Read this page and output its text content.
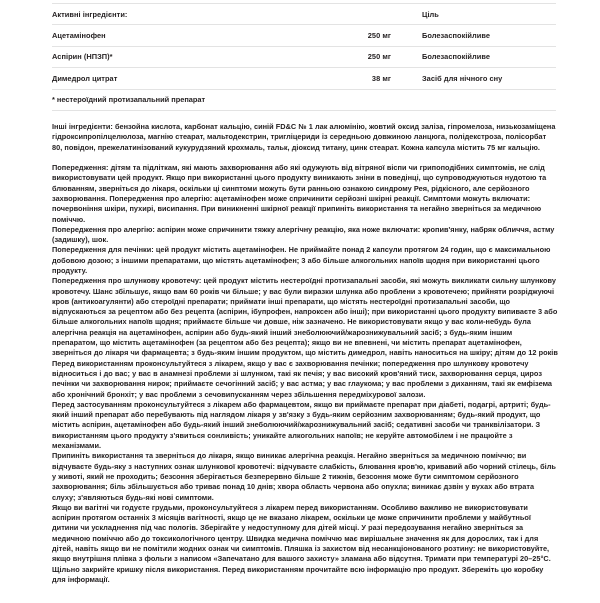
Активні інгредієнти:		Ціль

Ацетамінофен	250 мг	Болезаспокійливе

Аспірин (НПЗП)*	250 мг	Болезаспокійливе

Димедрол цитрат	38 мг	Засіб для нічного сну

* нестероїдний протизапальний препарат		

Інші інгредієнти: бензойна кислота, карбонат кальцію, синій FD&C № 1 лак алюмінію, жовтий оксид заліза, гіпромелоза, низькозаміщена гідроксипропілцелюлоза, магнію стеарат, мальтодекстрин, тригліцериди із середньою довжиною ланцюга, полідекстроза, полісорбат 80, повідон, прежелатинізований кукурудзяний крохмаль, тальк, діоксид титану, цинк стеарат. Кожна капсула містить 75 мг кальцію.

Попередження: дітям та підліткам, які мають захворювання або які одужують від вітряної віспи чи грипоподібних симптомів, не слід використовувати цей продукт. Якщо при використанні цього продукту виникають зніни в поведінці, що супроводжуються нудотою та блюванням, зверніться до лікаря, оскільки ці синптоми можуть бути ранньою ознакою синдрому Рея, рідкісного, але серйозного захворювання. Попередження про алергію: ацетамінофен може спричинити серйозні шкірні реакції. Симптоми можуть включати: почервоніння шкіри, пухирі, висипання. При виникненні шкірної реакції припиніть використання та негайно зверніться за медичною поміччю.

Попередження про алергію: аспірин може спричинити тяжку алергічну реакцію, яка ноже включати: кропив'янку, набряк обличчя, астму (задишку), шок.

Попередження для печінки: цей продукт містить ацетамінофен. Не приймайте понад 2 капсули протягом 24 годин, що є максимальною добовою дозою; з іншими препаратами, що містять ацетамінофен; 3 або більше алкогольних напоїв щодня при використанні цього продукту.

Попередження про шлункову кровотечу: цей продукт містить нестероїдні протизапальні засоби, які можуть викликати сильну шлункову кровотечу. Шанс збільшує, якщо вам 60 років чи більше; у вас були виразки шлунка або проблени з кровотечею; прийняти розріджуючі кров (антикоагулянти) або стероїдні препарати; приймати інші препарати, що містять нестероїдні протизапальні засоби, що відпускаються за рецептом або без рецепта (аспірин, ібупрофен, напроксен або інші); при використанні цього продукту випиваєте 3 або більше алкогольних напоїв щодня; приймаєте більше чи довше, ніж зазначено. Не використовувати якщо у вас коли-небудь була алергічна реакція на ацетамінофен, аспірин або будь-який інший знеболюючий/жарознижувальний засіб; з будь-яким іншим препаратом, що містить ацетамінофен (за рецептом або без рецепта); якщо ви не впевнені, чи містить препарат ацетамінофен, зверніться до лікаря чи фармацевта; з будь-яким іншим продуктом, що містить димедрол, навіть наноситься на шкіру; дітям до 12 років

Перед використанням проконсультуйтеся з лікарем, якщо у вас є захворювання печінки; попередження про шлункову кровотечу відноситься і до вас; у вас в анамнезі проблеми зі шлунком, такі як печія; у вас високий кров'яний тиск, захворювання серця, цироз печінки чи захворювання нирок; приймаєте сечогінний засіб; у вас астма; у вас глаукома; у вас проблеми з диханням, такі як емфізема або хронічний бронхіт; у вас проблеми з сечовипусканням через збільшення передміхурової залози.

Перед застосуванням проконсультуйтеся з лікарем або фармацевтом, якщо ви приймаєте препарат при діабеті, подагрі, артриті; будь-який інший препарат або перебувають під наглядом лікаря у зв'язку з будь-яким серйозним захворюванням; будь-який продукт, що містить аспірин, ацетамінофен або будь-який інший знеболюючий/жарознижувальний засіб; седативні засоби чи транквілізатори. З використанням цього продукту з'явиться сонливість; уникайте алкогольних напоїв; не керуйте автомобілем і не працюйте з механізмами.

Припиніть використання та зверніться до лікаря, якщо виникає алергічна реакція. Негайно зверніться за медичною поміччю; ви відчуваєте будь-яку з наступних ознак шлункової кровотечі: відчуваєте слабкість, блювання кров'ю, кривавий або чорний стілець, біль у животі, який не проходить; безсоння зберігається безперервно більше 2 тижнів, безсоння може бути симптомом серйозного захворювання; біль збільшується або триває понад 10 днів; хвора область червона або опухла; виникає дзвін у вухах або втрата слуху; з'являються будь-які нові симптоми.

Якщо ви вагітні чи годуєте грудьми, проконсультуйтеся з лікарем перед використанням. Особливо важливо не використовувати аспірин протягом останніх 3 місяців вагітності, якщо це не вказано лікарем, оскільки це може спричинити проблеми у майбутньої дитини чи ускладнення під час пологів. Зберігайте у недоступному для дітей місці. У разі передозування негайно зверніться за медичною поміччю або до токсикологічного центру. Швидка медична поміччю має вирішальне значення як для дорослих, так і для дітей, навіть якщо ви не помітили жодних ознак чи симптомів. Пляшка із захистом від несанкціонованого розтину: не використовуйте, якщо внутрішня плівка з фольги з написом «Запечатано для вашого захисту» зламана або відсутня. Тримати при температурі 20–25°С. Щільно закрийте кришку після використання. Перед використанням прочитайте всю інформацію про продукт. Збережіть цю коробку для інформації.
